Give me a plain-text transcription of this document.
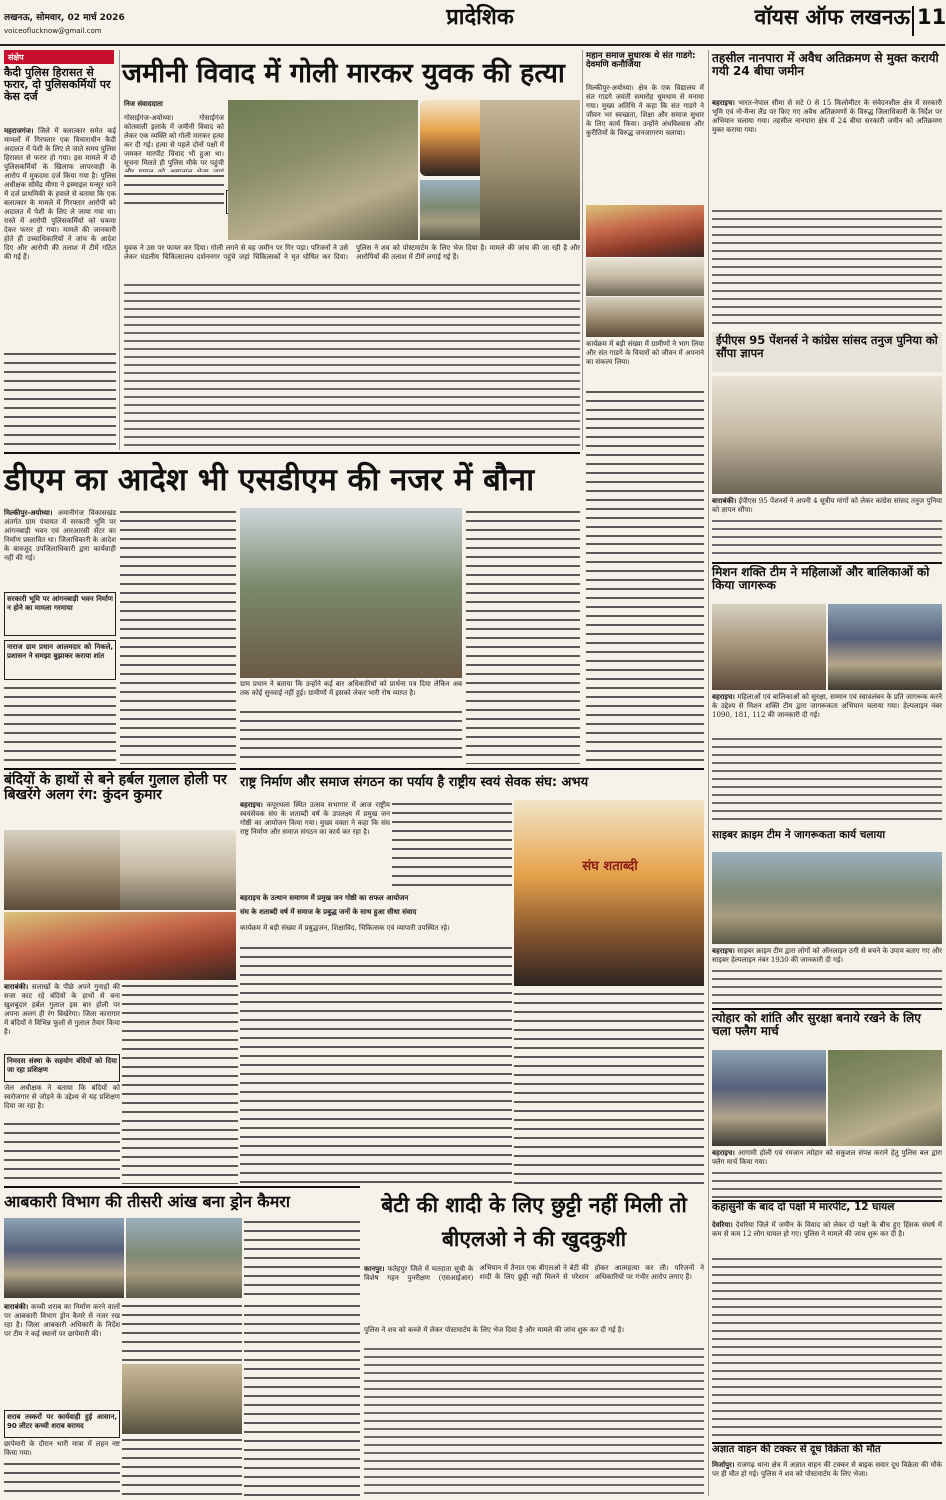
लखनऊ, सोमवार, 02 मार्च 2026
voiceoflucknow@gmail.com
प्रादेशिक	वॉयस ऑफ लखनऊ 11
संक्षेप
कैदी पुलिस हिरासत से फरार, दो पुलिसकर्मियों पर केस दर्ज
महराजगंज। जिले में बलात्कार समेत कई मामलों में गिरफ्तार एक विचाराधीन कैदी अदालत में पेशी के लिए ले जाते समय पुलिस हिरासत से फरार हो गया। इस मामले में दो पुलिसकर्मियों के खिलाफ लापरवाही के आरोप में मुकदमा दर्ज किया गया है। पुलिस अधीक्षक सोमेंद्र मीणा ने इस्माइल मन्सूर थाने में दर्ज प्राथमिकी के हवाले से बताया कि एक बलात्कार के मामले में गिरफ्तार आरोपी को अदालत में पेशी के लिए ले जाया गया था। रास्ते में आरोपी पुलिसकर्मियों को चकमा देकर फरार हो गया। मामले की जानकारी होते ही उच्चाधिकारियों ने जांच के आदेश दिए और आरोपी की तलाश में टीमें गठित की गई हैं।
जमीनी विवाद में गोली मारकर युवक की हत्या
निज संवाददाता
गोसाईगंज-अयोध्या। गोसाईगंज कोतवाली इलाके में जमीनी विवाद को लेकर एक व्यक्ति को गोली मारकर हत्या कर दी गई। हत्या से पहले दोनों पक्षों में जमकर मारपीट विवाद भी हुआ था। सूचना मिलते ही पुलिस मौके पर पहुंची
युवक ने उस पर फायर कर दिया। गोली लगने से वह जमीन पर गिर पड़ा। परिजनों ने उसे लेकर मंडलीय चिकित्सालय दर्शननगर पहुंचे जहां चिकित्सकों ने मृत घोषित कर दिया। पुलिस ने शव को पोस्टमार्टम के लिए भेज दिया है। मामले की जांच की जा रही है और आरोपियों की तलाश में टीमें लगाई गई हैं।
महान समाज सुधारक थे संत गाडगे: देवमणि कनौजिया
मिल्कीपुर-अयोध्या। क्षेत्र के एक विद्यालय में संत गाडगे जयंती समारोह धूमधाम से मनाया गया। मुख्य अतिथि ने कहा कि संत गाडगे ने जीवन भर स्वच्छता, शिक्षा और समाज सुधार के लिए कार्य किया। उन्होंने अंधविश्वास और कुरीतियों के विरुद्ध जनजागरण चलाया।
कार्यक्रम में बड़ी संख्या में ग्रामीणों ने भाग लिया और संत गाडगे के विचारों को जीवन में अपनाने का संकल्प लिया।
डीएम का आदेश भी एसडीएम की नजर में बौना
मिल्कीपुर-अयोध्या। अमानीगंज विकासखंड अंतर्गत ग्राम पंचायत में सरकारी भूमि पर आंगनबाड़ी भवन एवं आरआरसी सेंटर का निर्माण प्रस्तावित था। जिलाधिकारी के आदेश के बावजूद उपजिलाधिकारी द्वारा कार्यवाही नहीं की गई।
सरकारी भूमि पर आंगनबाड़ी भवन निर्माण न होने का मामला गरमाया
नाराज ग्राम प्रधान आलमदार को निकले, प्रशासन ने समझा बुझाकर कराया शांत
ग्राम प्रधान ने बताया कि उन्होंने कई बार अधिकारियों को प्रार्थना पत्र दिया लेकिन अब तक कोई सुनवाई नहीं हुई। ग्रामीणों में इसको लेकर भारी रोष व्याप्त है।
बंदियों के हाथों से बने हर्बल गुलाल होली पर बिखरेंगे अलग रंग: कुंदन कुमार
बाराबंकी। सलाखों के पीछे अपने गुनाहों की सजा काट रहे बंदियों के हाथों से बना खुशबूदार हर्बल गुलाल इस बार होली पर अपना अलग ही रंग बिखेरेगा। जिला कारागार में बंदियों ने विभिन्न फूलों से गुलाल तैयार किया है।
निमदस संस्था के सहयोग बंदियों को दिया जा रहा प्रशिक्षण
जेल अधीक्षक ने बताया कि बंदियों को स्वरोजगार से जोड़ने के उद्देश्य से यह प्रशिक्षण दिया जा रहा है।
राष्ट्र निर्माण और समाज संगठन का पर्याय है राष्ट्रीय स्वयं सेवक संघ: अभय
बहराइच। कपूरथला स्थित उत्सव सभागार में आज राष्ट्रीय स्वयंसेवक संघ के शताब्दी वर्ष के उपलक्ष्य में प्रमुख जन गोष्ठी का आयोजन किया गया। मुख्य वक्ता ने कहा कि संघ राष्ट्र निर्माण और समाज संगठन का कार्य कर रहा है।
संघ शताब्दी
बहराइच के उत्थान समागम में प्रमुख जन गोष्ठी का सफल आयोजन
संघ के शताब्दी वर्ष में समाज के प्रबुद्ध जनों के साथ हुआ सीधा संवाद
कार्यक्रम में बड़ी संख्या में प्रबुद्धजन, शिक्षाविद, चिकित्सक एवं व्यापारी उपस्थित रहे।
आबकारी विभाग की तीसरी आंख बना ड्रोन कैमरा
बाराबंकी। कच्ची शराब का निर्माण करने वालों पर आबकारी विभाग ड्रोन कैमरे से नजर रख रहा है। जिला आबकारी अधिकारी के निर्देश पर टीम ने कई स्थानों पर छापेमारी की।
शराब तस्करों पर कार्यवाही हुई आसान, 90 लीटर कच्ची शराब बरामद
छापेमारी के दौरान भारी मात्रा में लहन नष्ट किया गया।
बेटी की शादी के लिए छुट्टी नहीं मिली तो बीएलओ ने की खुदकुशी
कानपुर। फतेहपुर जिले में मतदाता सूची के विशेष गहन पुनरीक्षण (एसआईआर) अभियान में तैनात एक बीएलओ ने बेटी की शादी के लिए छुट्टी नहीं मिलने से परेशान होकर आत्महत्या कर ली। परिजनों ने अधिकारियों पर गंभीर आरोप लगाए हैं।
पुलिस ने शव को कब्जे में लेकर पोस्टमार्टम के लिए भेज दिया है और मामले की जांच शुरू कर दी गई है।
तहसील नानपारा में अवैध अतिक्रमण से मुक्त करायी गयी 24 बीघा जमीन
बहराइच। भारत-नेपाल सीमा से सटे 0 से 15 किलोमीटर के संवेदनशील क्षेत्र में सरकारी भूमि एवं नो-मैन्स लैंड पर किए गए अवैध अतिक्रमणों के विरुद्ध जिलाधिकारी के निर्देश पर अभियान चलाया गया। तहसील नानपारा क्षेत्र में 24 बीघा सरकारी जमीन को अतिक्रमण मुक्त कराया गया।
ईपीएस 95 पेंशनर्स ने कांग्रेस सांसद तनुज पुनिया को सौंपा ज्ञापन
बाराबंकी। ईपीएस 95 पेंशनर्स ने अपनी 4 सूत्रीय मांगों को लेकर कांग्रेस सांसद तनुज पुनिया को ज्ञापन सौंपा।
मिशन शक्ति टीम ने महिलाओं और बालिकाओं को किया जागरूक
बहराइच। महिलाओं एवं बालिकाओं को सुरक्षा, सम्मान एवं स्वावलंबन के प्रति जागरूक करने के उद्देश्य से मिशन शक्ति टीम द्वारा जागरूकता अभियान चलाया गया। हेल्पलाइन नंबर 1090, 181, 112 की जानकारी दी गई।
साइबर क्राइम टीम ने जागरूकता कार्य चलाया
बहराइच। साइबर क्राइम टीम द्वारा लोगों को ऑनलाइन ठगी से बचने के उपाय बताए गए और साइबर हेल्पलाइन नंबर 1930 की जानकारी दी गई।
त्योहार को शांति और सुरक्षा बनाये रखने के लिए चला फ्लैग मार्च
बहराइच। आगामी होली एवं रमजान त्योहार को सकुशल संपन्न कराने हेतु पुलिस बल द्वारा फ्लैग मार्च किया गया।
कहासुनी के बाद दो पक्षों में मारपीट, 12 घायल
देवरिया। देवरिया जिले में जमीन के विवाद को लेकर दो पक्षों के बीच हुए हिंसक संघर्ष में कम से कम 12 लोग घायल हो गए। पुलिस ने मामले की जांच शुरू कर दी है।
अज्ञात वाहन की टक्कर से दूध विक्रेता की मौत
मिर्जापुर। राजगढ़ थाना क्षेत्र में अज्ञात वाहन की टक्कर से बाइक सवार दूध विक्रेता की मौके पर ही मौत हो गई। पुलिस ने शव को पोस्टमार्टम के लिए भेजा।
